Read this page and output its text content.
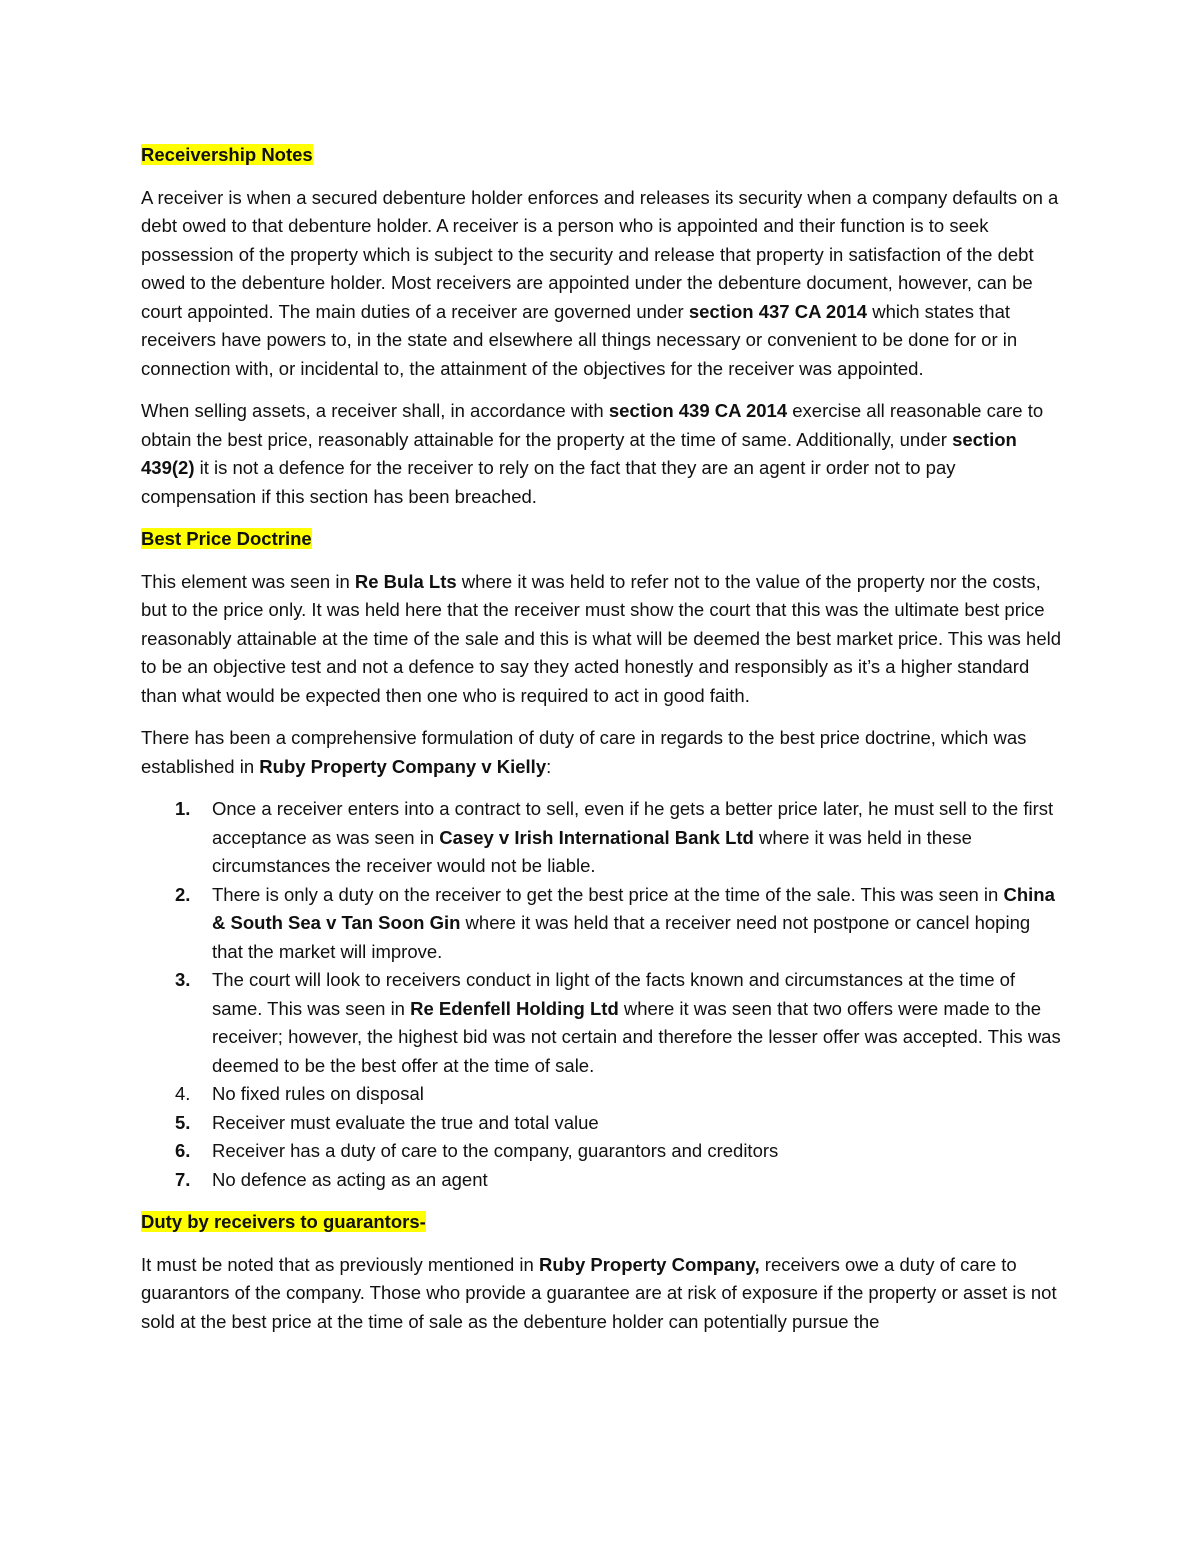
Receivership Notes

A receiver is when a secured debenture holder enforces and releases its security when a company defaults on a debt owed to that debenture holder. A receiver is a person who is appointed and their function is to seek possession of the property which is subject to the security and release that property in satisfaction of the debt owed to the debenture holder. Most receivers are appointed under the debenture document, however, can be court appointed. The main duties of a receiver are governed under section 437 CA 2014 which states that receivers have powers to, in the state and elsewhere all things necessary or convenient to be done for or in connection with, or incidental to, the attainment of the objectives for the receiver was appointed.

When selling assets, a receiver shall, in accordance with section 439 CA 2014 exercise all reasonable care to obtain the best price, reasonably attainable for the property at the time of same. Additionally, under section 439(2) it is not a defence for the receiver to rely on the fact that they are an agent ir order not to pay compensation if this section has been breached.

Best Price Doctrine

This element was seen in Re Bula Lts where it was held to refer not to the value of the property nor the costs, but to the price only. It was held here that the receiver must show the court that this was the ultimate best price reasonably attainable at the time of the sale and this is what will be deemed the best market price. This was held to be an objective test and not a defence to say they acted honestly and responsibly as it’s a higher standard than what would be expected then one who is required to act in good faith.

There has been a comprehensive formulation of duty of care in regards to the best price doctrine, which was established in Ruby Property Company v Kielly:

1. Once a receiver enters into a contract to sell, even if he gets a better price later, he must sell to the first acceptance as was seen in Casey v Irish International Bank Ltd where it was held in these circumstances the receiver would not be liable.
2. There is only a duty on the receiver to get the best price at the time of the sale. This was seen in China & South Sea v Tan Soon Gin where it was held that a receiver need not postpone or cancel hoping that the market will improve.
3. The court will look to receivers conduct in light of the facts known and circumstances at the time of same. This was seen in Re Edenfell Holding Ltd where it was seen that two offers were made to the receiver; however, the highest bid was not certain and therefore the lesser offer was accepted. This was deemed to be the best offer at the time of sale.
4. No fixed rules on disposal
5. Receiver must evaluate the true and total value
6. Receiver has a duty of care to the company, guarantors and creditors
7. No defence as acting as an agent
Duty by receivers to guarantors-

It must be noted that as previously mentioned in Ruby Property Company, receivers owe a duty of care to guarantors of the company. Those who provide a guarantee are at risk of exposure if the property or asset is not sold at the best price at the time of sale as the debenture holder can potentially pursue the
